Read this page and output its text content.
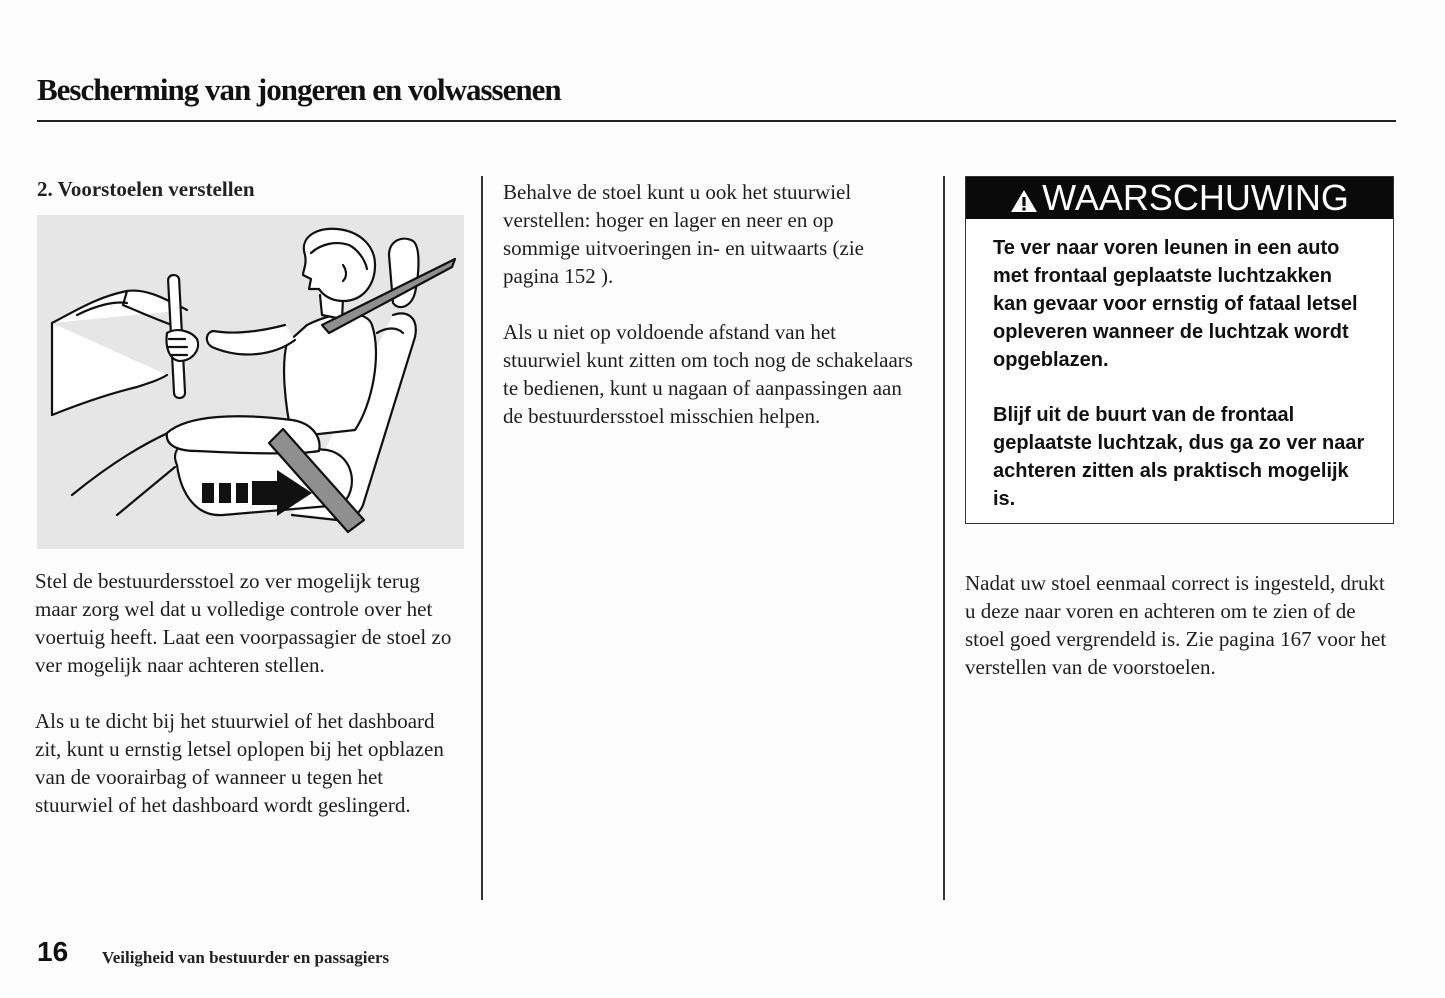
Bescherming van jongeren en volwassenen
2. Voorstoelen verstellen

Stel de bestuurdersstoel zo ver mogelijk terug maar zorg wel dat u volledige controle over het voertuig heeft. Laat een voorpassagier de stoel zo ver mogelijk naar achteren stellen.

Als u te dicht bij het stuurwiel of het dashboard zit, kunt u ernstig letsel oplopen bij het opblazen van de voorairbag of wanneer u tegen het stuurwiel of het dashboard wordt geslingerd.

Behalve de stoel kunt u ook het stuurwiel verstellen: hoger en lager en neer en op sommige uitvoeringen in- en uitwaarts (zie pagina 152 ).

Als u niet op voldoende afstand van het stuurwiel kunt zitten om toch nog de schakelaars te bedienen, kunt u nagaan of aanpassingen aan de bestuurdersstoel misschien helpen.

WAARSCHUWING

Te ver naar voren leunen in een auto met frontaal geplaatste luchtzakken kan gevaar voor ernstig of fataal letsel opleveren wanneer de luchtzak wordt opgeblazen.

Blijf uit de buurt van de frontaal geplaatste luchtzak, dus ga zo ver naar achteren zitten als praktisch mogelijk is.

Nadat uw stoel eenmaal correct is ingesteld, drukt u deze naar voren en achteren om te zien of de stoel goed vergrendeld is. Zie pagina 167 voor het verstellen van de voorstoelen.

16 Veiligheid van bestuurder en passagiers
